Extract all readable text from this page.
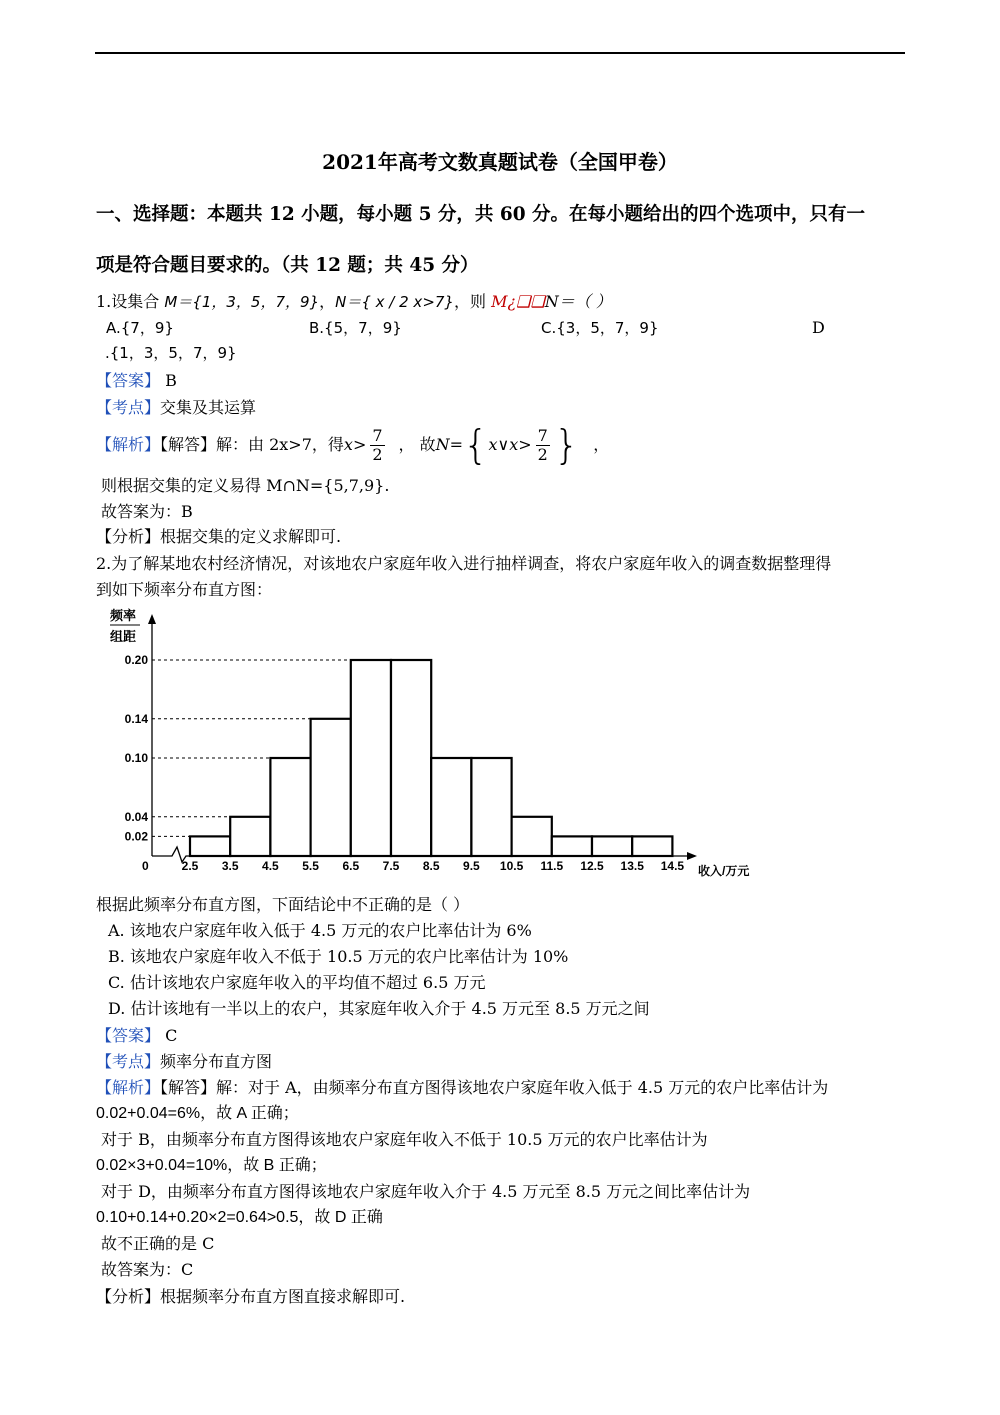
2021年高考文数真题试卷（全国甲卷）
一、选择题：本题共 12 小题，每小题 5 分，共 60 分。在每小题给出的四个选项中，只有一
项是符合题目要求的。（共 12 题；共 45 分）
1.设集合 M＝{1，3，5，7，9}，N＝{ x / 2 x>7}，则 M¿❑❑N＝（ ）
A.{7，9}	B.{5，7，9}	C.{3，5，7，9}	D
.{1，3，5，7，9}
【答案】 B
【考点】交集及其运算
【解析】【解答】解：由 2x>7，得$x> \frac{7}{2}$ ， 故N={x∨x> $\frac{7}{2}$ } ，
则根据交集的定义易得 M∩N={5,7,9}.
故答案为：B
【分析】根据交集的定义求解即可.
2.为了解某地农村经济情况，对该地农户家庭年收入进行抽样调查，将农户家庭年收入的调查数据整理得
到如下频率分布直方图：
频率
组距
0.02
0.04
0.10
0.14
0.20
2.5 3.5 4.5 5.5 6.5 7.5 8.5 9.5 10.5 11.5 12.5 13.5 14.5
0	收入/万元
根据此频率分布直方图，下面结论中不正确的是（ ）
A. 该地农户家庭年收入低于 4.5 万元的农户比率估计为 6%
B. 该地农户家庭年收入不低于 10.5 万元的农户比率估计为 10%
C. 估计该地农户家庭年收入的平均值不超过 6.5 万元
D. 估计该地有一半以上的农户，其家庭年收入介于 4.5 万元至 8.5 万元之间
【答案】 C
【考点】频率分布直方图
【解析】【解答】解：对于 A，由频率分布直方图得该地农户家庭年收入低于 4.5 万元的农户比率估计为
0.02+0.04=6%，故 A 正确；
对于 B，由频率分布直方图得该地农户家庭年收入不低于 10.5 万元的农户比率估计为
0.02×3+0.04=10%，故 B 正确；
对于 D，由频率分布直方图得该地农户家庭年收入介于 4.5 万元至 8.5 万元之间比率估计为
0.10+0.14+0.20×2=0.64>0.5，故 D 正确
故不正确的是 C
故答案为：C
【分析】根据频率分布直方图直接求解即可.
